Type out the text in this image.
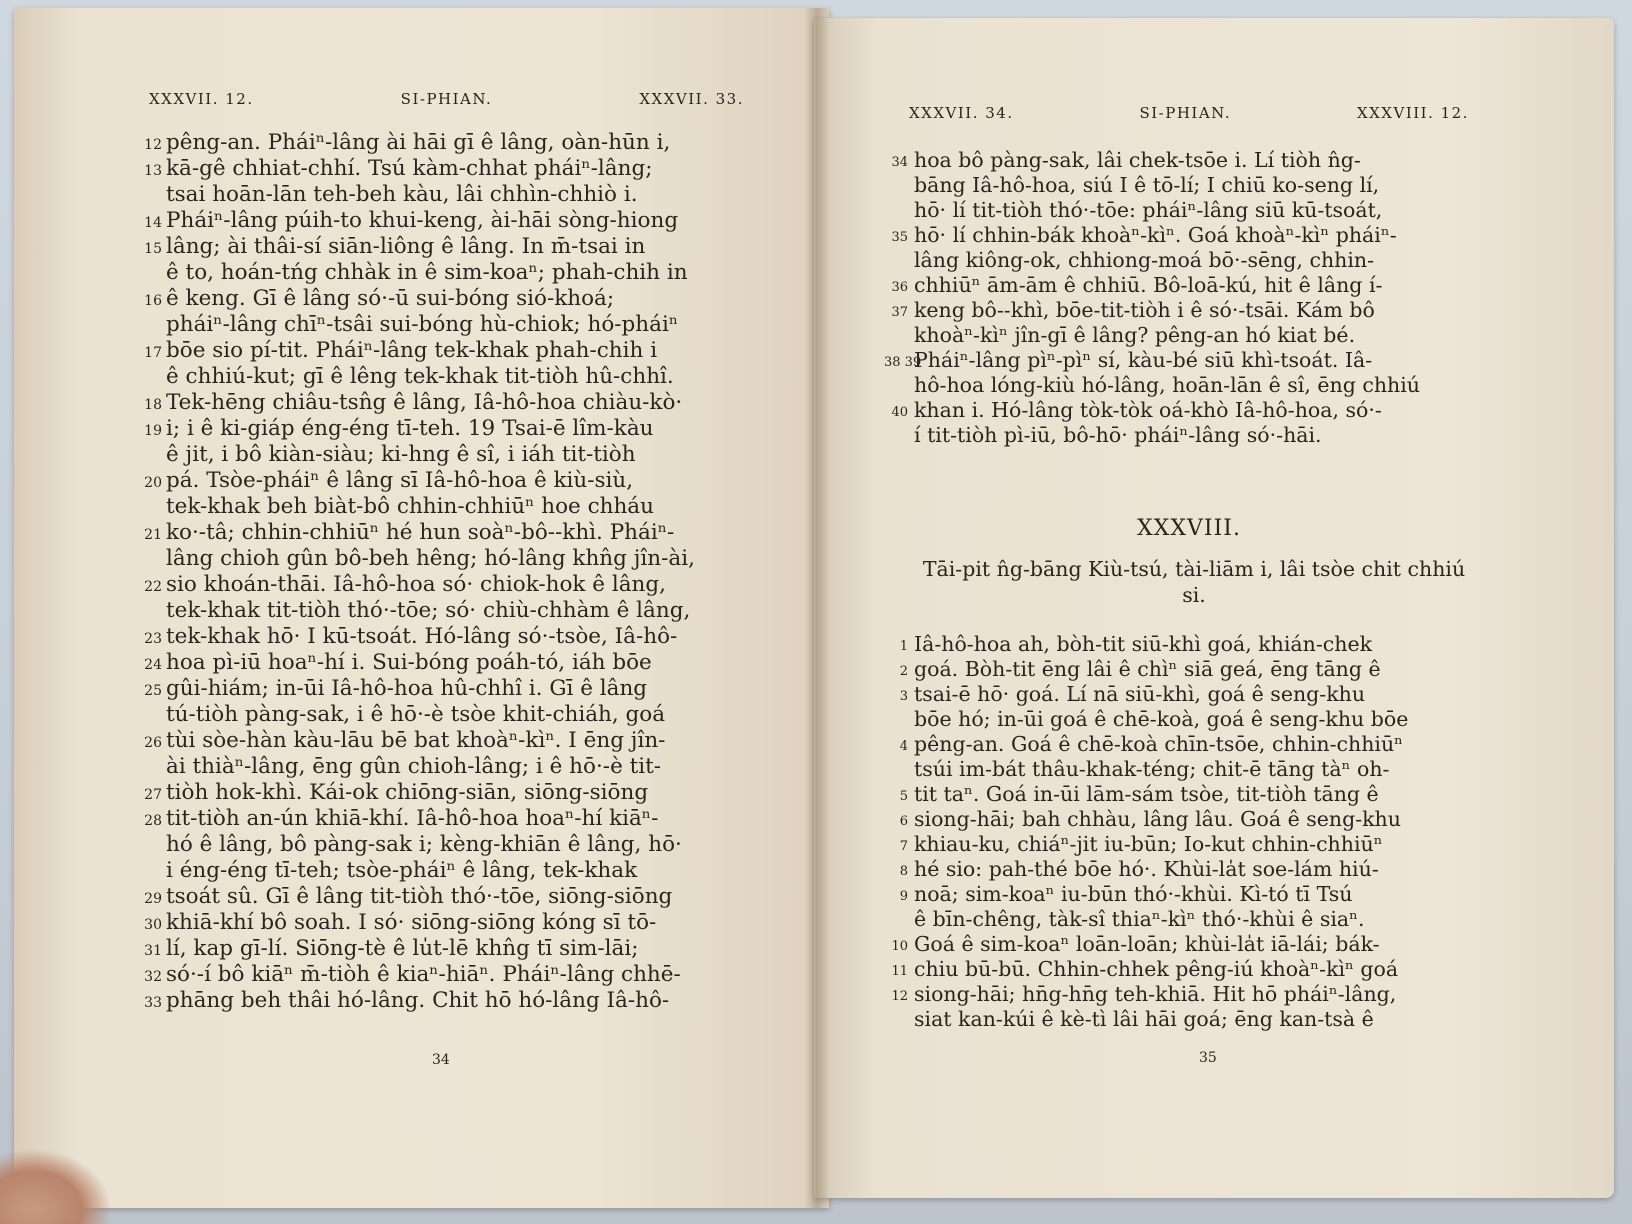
XXXVII. 12.	SI-PHIAN.	XXXVII. 33.
12 pêng-an. Pháiⁿ-lâng ài hāi gī ê lâng, oàn-hūn i,
13 kā-gê chhiat-chhí. Tsú kàm-chhat pháiⁿ-lâng;
tsai hoān-lān teh-beh kàu, lâi chhìn-chhiò i.
14 Pháiⁿ-lâng púih-to khui-keng, ài-hāi sòng-hiong
15 lâng; ài thâi-sí siān-liông ê lâng. In m̄-tsai in
ê to, hoán-tńg chhàk in ê sim-koaⁿ; phah-chih in
16 ê keng. Gī ê lâng só·-ū sui-bóng sió-khoá;
pháiⁿ-lâng chīⁿ-tsâi sui-bóng hù-chiok; hó-pháiⁿ
17 bōe sio pí-tit. Pháiⁿ-lâng tek-khak phah-chih i
ê chhiú-kut; gī ê lêng tek-khak tit-tiòh hû-chhî.
18 Tek-hēng chiâu-tsn̂g ê lâng, Iâ-hô-hoa chiàu-kò·
19 i; i ê ki-giáp éng-éng tī-teh. 19 Tsai-ē lîm-kàu
ê jit, i bô kiàn-siàu; ki-hng ê sî, i iáh tit-tiòh
20 pá. Tsòe-pháiⁿ ê lâng sī Iâ-hô-hoa ê kiù-siù,
tek-khak beh biàt-bô chhin-chhiūⁿ hoe chháu
21 ko·-tâ; chhin-chhiūⁿ hé hun soàⁿ-bô--khì. Pháiⁿ-
lâng chioh gûn bô-beh hêng; hó-lâng khn̂g jîn-ài,
22 sio khoán-thāi. Iâ-hô-hoa só· chiok-hok ê lâng,
tek-khak tit-tiòh thó·-tōe; só· chiù-chhàm ê lâng,
23 tek-khak hō· I kū-tsoát. Hó-lâng só·-tsòe, Iâ-hô-
24 hoa pì-iū hoaⁿ-hí i. Sui-bóng poáh-tó, iáh bōe
25 gûi-hiám; in-ūi Iâ-hô-hoa hû-chhî i. Gī ê lâng
tú-tiòh pàng-sak, i ê hō·-è tsòe khit-chiáh, goá
26 tùi sòe-hàn kàu-lāu bē bat khoàⁿ-kìⁿ. I ēng jîn-
ài thiàⁿ-lâng, ēng gûn chioh-lâng; i ê hō·-è tit-
27 tiòh hok-khì. Kái-ok chiōng-siān, siōng-siōng
28 tit-tiòh an-ún khiā-khí. Iâ-hô-hoa hoaⁿ-hí kiāⁿ-
hó ê lâng, bô pàng-sak i; kèng-khiān ê lâng, hō·
i éng-éng tī-teh; tsòe-pháiⁿ ê lâng, tek-khak
29 tsoát sû. Gī ê lâng tit-tiòh thó·-tōe, siōng-siōng
30 khiā-khí bô soah. I só· siōng-siōng kóng sī tō-
31 lí, kap gī-lí. Siōng-tè ê lu̍t-lē khn̂g tī sim-lāi;
32 só·-í bô kiāⁿ m̄-tiòh ê kiaⁿ-hiāⁿ. Pháiⁿ-lâng chhē-
33 phāng beh thâi hó-lâng. Chit hō hó-lâng Iâ-hô-
34
XXXVII. 34.	SI-PHIAN.	XXXVIII. 12.
34 hoa bô pàng-sak, lâi chek-tsōe i. Lí tiòh n̂g-
bāng Iâ-hô-hoa, siú I ê tō-lí; I chiū ko-seng lí,
hō· lí tit-tiòh thó·-tōe: pháiⁿ-lâng siū kū-tsoát,
35 hō· lí chhin-bák khoàⁿ-kìⁿ. Goá khoàⁿ-kìⁿ pháiⁿ-
lâng kiông-ok, chhiong-moá bō·-sēng, chhin-
36 chhiūⁿ ām-ām ê chhiū. Bô-loā-kú, hit ê lâng í-
37 keng bô--khì, bōe-tit-tiòh i ê só·-tsāi. Kám bô
khoàⁿ-kìⁿ jîn-gī ê lâng? pêng-an hó kiat bé.
38 39
Pháiⁿ-lâng pìⁿ-pìⁿ sí, kàu-bé siū khì-tsoát. Iâ-
hô-hoa lóng-kiù hó-lâng, hoān-lān ê sî, ēng chhiú
40 khan i. Hó-lâng tòk-tòk oá-khò Iâ-hô-hoa, só·-
í tit-tiòh pì-iū, bô-hō· pháiⁿ-lâng só·-hāi.
XXXVIII.
Tāi-pit n̂g-bāng Kiù-tsú, tài-liām i, lâi tsòe chit chhiú si.
1 Iâ-hô-hoa ah, bòh-tit siū-khì goá, khián-chek
2 goá. Bòh-tit ēng lâi ê chìⁿ siā geá, ēng tāng ê
3 tsai-ē hō· goá. Lí nā siū-khì, goá ê seng-khu
bōe hó; in-ūi goá ê chē-koà, goá ê seng-khu bōe
4 pêng-an. Goá ê chē-koà chīn-tsōe, chhin-chhiūⁿ
tsúi im-bát thâu-khak-téng; chit-ē tāng tàⁿ oh-
5 tit taⁿ. Goá in-ūi lām-sám tsòe, tit-tiòh tāng ê
6 siong-hāi; bah chhàu, lâng lâu. Goá ê seng-khu
7 khiau-ku, chiáⁿ-jit iu-būn; Io-kut chhin-chhiūⁿ
8 hé sio: pah-thé bōe hó·. Khùi-la̍t soe-lám hiú-
9 noā; sim-koaⁿ iu-būn thó·-khùi. Kì-tó tī Tsú
ê bīn-chêng, tàk-sî thiaⁿ-kìⁿ thó·-khùi ê siaⁿ.
10 Goá ê sim-koaⁿ loān-loān; khùi-la̍t iā-lái; bák-
11 chiu bū-bū. Chhin-chhek pêng-iú khoàⁿ-kìⁿ goá
12 siong-hāi; hn̄g-hn̄g teh-khiā. Hit hō pháiⁿ-lâng,
siat kan-kúi ê kè-tì lâi hāi goá; ēng kan-tsà ê
35
